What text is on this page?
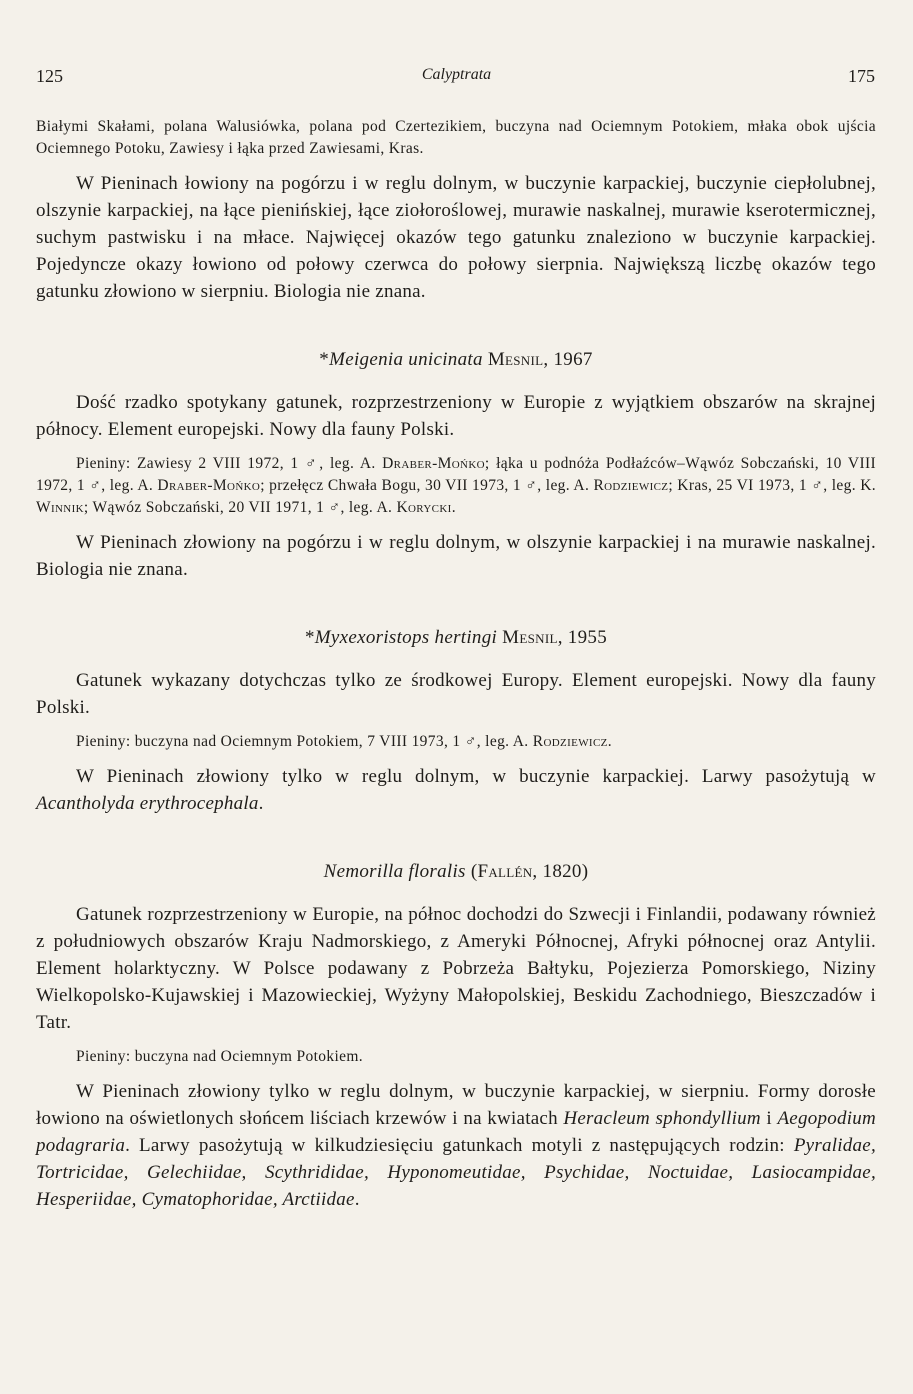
125	Calyptrata	175

Białymi Skałami, polana Walusiówka, polana pod Czertezikiem, buczyna nad Ociemnym Potokiem, młaka obok ujścia Ociemnego Potoku, Zawiesy i łąka przed Zawiesami, Kras.

W Pieninach łowiony na pogórzu i w reglu dolnym, w buczynie karpackiej, buczynie ciepłolubnej, olszynie karpackiej, na łące pienińskiej, łące ziołoroślowej, murawie naskalnej, murawie kserotermicznej, suchym pastwisku i na młace. Najwięcej okazów tego gatunku znaleziono w buczynie karpackiej. Pojedyncze okazy łowiono od połowy czerwca do połowy sierpnia. Największą liczbę okazów tego gatunku złowiono w sierpniu. Biologia nie znana.

*Meigenia unicinata Mesnil, 1967

Dość rzadko spotykany gatunek, rozprzestrzeniony w Europie z wyjątkiem obszarów na skrajnej północy. Element europejski. Nowy dla fauny Polski.

Pieniny: Zawiesy 2 VIII 1972, 1 ♂, leg. A. Draber-Mońko; łąka u podnóża Podłaźców–Wąwóz Sobczański, 10 VIII 1972, 1 ♂, leg. A. Draber-Mońko; przełęcz Chwała Bogu, 30 VII 1973, 1 ♂, leg. A. Rodziewicz; Kras, 25 VI 1973, 1 ♂, leg. K. Winnik; Wąwóz Sobczański, 20 VII 1971, 1 ♂, leg. A. Korycki.

W Pieninach złowiony na pogórzu i w reglu dolnym, w olszynie karpackiej i na murawie naskalnej. Biologia nie znana.

*Myxexoristops hertingi Mesnil, 1955

Gatunek wykazany dotychczas tylko ze środkowej Europy. Element europejski. Nowy dla fauny Polski.

Pieniny: buczyna nad Ociemnym Potokiem, 7 VIII 1973, 1 ♂, leg. A. Rodziewicz.

W Pieninach złowiony tylko w reglu dolnym, w buczynie karpackiej. Larwy pasożytują w Acantholyda erythrocephala.

Nemorilla floralis (Fallén, 1820)

Gatunek rozprzestrzeniony w Europie, na północ dochodzi do Szwecji i Finlandii, podawany również z południowych obszarów Kraju Nadmorskiego, z Ameryki Północnej, Afryki północnej oraz Antylii. Element holarktyczny. W Polsce podawany z Pobrzeża Bałtyku, Pojezierza Pomorskiego, Niziny Wielkopolsko-Kujawskiej i Mazowieckiej, Wyżyny Małopolskiej, Beskidu Zachodniego, Bieszczadów i Tatr.

Pieniny: buczyna nad Ociemnym Potokiem.

W Pieninach złowiony tylko w reglu dolnym, w buczynie karpackiej, w sierpniu. Formy dorosłe łowiono na oświetlonych słońcem liściach krzewów i na kwiatach Heracleum sphondyllium i Aegopodium podagraria. Larwy pasożytują w kilkudziesięciu gatunkach motyli z następujących rodzin: Pyralidae, Tortricidae, Gelechiidae, Scythrididae, Hyponomeutidae, Psychidae, Noctuidae, Lasiocampidae, Hesperiidae, Cymatophoridae, Arctiidae.
